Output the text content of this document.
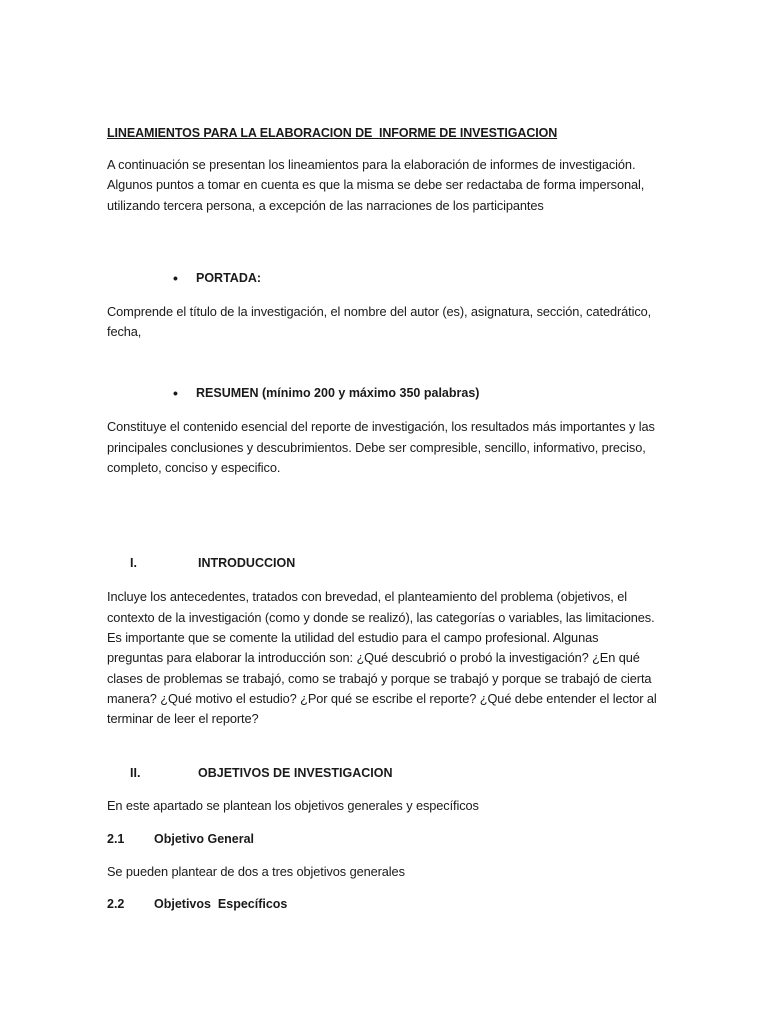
LINEAMIENTOS PARA LA ELABORACION DE  INFORME DE INVESTIGACION

A continuación se presentan los lineamientos para la elaboración de informes de investigación.

Algunos puntos a tomar en cuenta es que la misma se debe ser redactaba de forma impersonal,

utilizando tercera persona, a excepción de las narraciones de los participantes

•	PORTADA:

Comprende el título de la investigación, el nombre del autor (es), asignatura, sección, catedrático,

fecha,

•	RESUMEN (mínimo 200 y máximo 350 palabras)

Constituye el contenido esencial del reporte de investigación, los resultados más importantes y las

principales conclusiones y descubrimientos. Debe ser compresible, sencillo, informativo, preciso,

completo, conciso y especifico.

I.	INTRODUCCION

Incluye los antecedentes, tratados con brevedad, el planteamiento del problema (objetivos, el

contexto de la investigación (como y donde se realizó), las categorías o variables, las limitaciones.

Es importante que se comente la utilidad del estudio para el campo profesional. Algunas

preguntas para elaborar la introducción son: ¿Qué descubrió o probó la investigación? ¿En qué

clases de problemas se trabajó, como se trabajó y porque se trabajó y porque se trabajó de cierta

manera? ¿Qué motivo el estudio? ¿Por qué se escribe el reporte? ¿Qué debe entender el lector al

terminar de leer el reporte?

II.	OBJETIVOS DE INVESTIGACION

En este apartado se plantean los objetivos generales y específicos

2.1	Objetivo General

Se pueden plantear de dos a tres objetivos generales

2.2	Objetivos  Específicos
